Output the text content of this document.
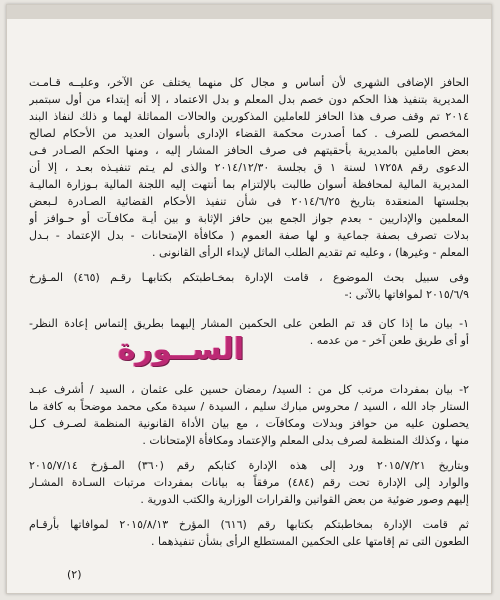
الحافز الإضافى الشهرى لأن أساس و مجال كل منهما يختلف عن الآخر، وعليــه قـامـت
المديرية بتنفيذ هذا الحكم دون خصم بدل المعلم و بدل الاعتماد ، إلا أنه إبتداء من أول سبتمبر
٢٠١٤ تم وقف صرف هذا الحافز للعاملين المذكورين والحالات المماثلة لهما و ذلك لنفاذ البند
المخصص للصرف . كما أصدرت محكمة القضاء الإدارى بأسوان العديد من الأحكام لصالح
بعض العاملين بالمديرية بأحقيتهم فى صرف الحافز المشار إليه ، ومنها الحكم الصـادر فـى
الدعوى رقم ١٧٢٥٨ لسنة ١ ق بجلسة ٢٠١٤/١٢/٣٠ والذى لم يـتم تنفيـذه بعـد ، إلا أن
المديرية المالية لمحافظة أسوان طالبت بالإلتزام بما أنتهت إليه اللجنة المالية بـوزارة الماليـة
بجلستها المنعقدة بتاريخ ٢٠١٤/٦/٢٥ فى شأن تنفيذ الأحكام القضائية الصـادرة لـبعض
المعلمين والإداريين - بعدم جواز الجمع بين حافز الإثابة و بين أيـة مكافـآت أو حـوافز أو
بدلات تصرف بصفة جماعية و لها صفة العموم ( مكافأة الإمتحانات - بدل الإعتماد - بـدل
المعلم - وغيرها) ، وعليه تم تقديم الطلب الماثل لإبداء الرأى القانونى .
وفى سبيل بحث الموضوع ، قامت الإدارة بمخـاطبتكم بكتابهـا رقـم (٤٦٥) المـؤرخ
٢٠١٥/٦/٩ لموافاتها بالآتى :-
١- بيان ما إذا كان قد تم الطعن على الحكمين المشار إليهما بطريق إلتماس إعادة النظر-
أو أى طريق طعن آخر - من عدمه .
الســورة
٢- بيان بمفردات مرتب كل من : السيد/ رمضان حسين على عثمان ، السيد / أشرف عبـد
الستار جاد الله ، السيد / محروس مبارك سليم ، السيدة / سيدة مكى محمد موضحاً به كافة ما
يحصلون عليه من حوافز وبدلات ومكافآت ، مع بيان الأداة القانونية المنظمة لصـرف كـل
منها ، وكذلك المنظمة لصرف بدلى المعلم والإعتماد ومكافأة الإمتحانات .
وبتاريخ ٢٠١٥/٧/٢١ ورد إلى هذه الإدارة كتابكم رقم (٣٦٠) المـؤرخ ٢٠١٥/٧/١٤
والوارد إلى الإدارة تحت رقم (٤٨٤) مرفقاً به بيانات بمفردات مرتبات السـادة المشـار
إليهم وصور ضوئية من بعض القوانين والقرارات الوزارية والكتب الدورية .
ثم قامت الإدارة بمخاطبتكم بكتابها رقم (٦١٦) المؤرخ ٢٠١٥/٨/١٣ لموافاتها بأرقـام
الطعون التى تم إقامتها على الحكمين المستطلع الرأى بشأن تنفيذهما .
(٢)
